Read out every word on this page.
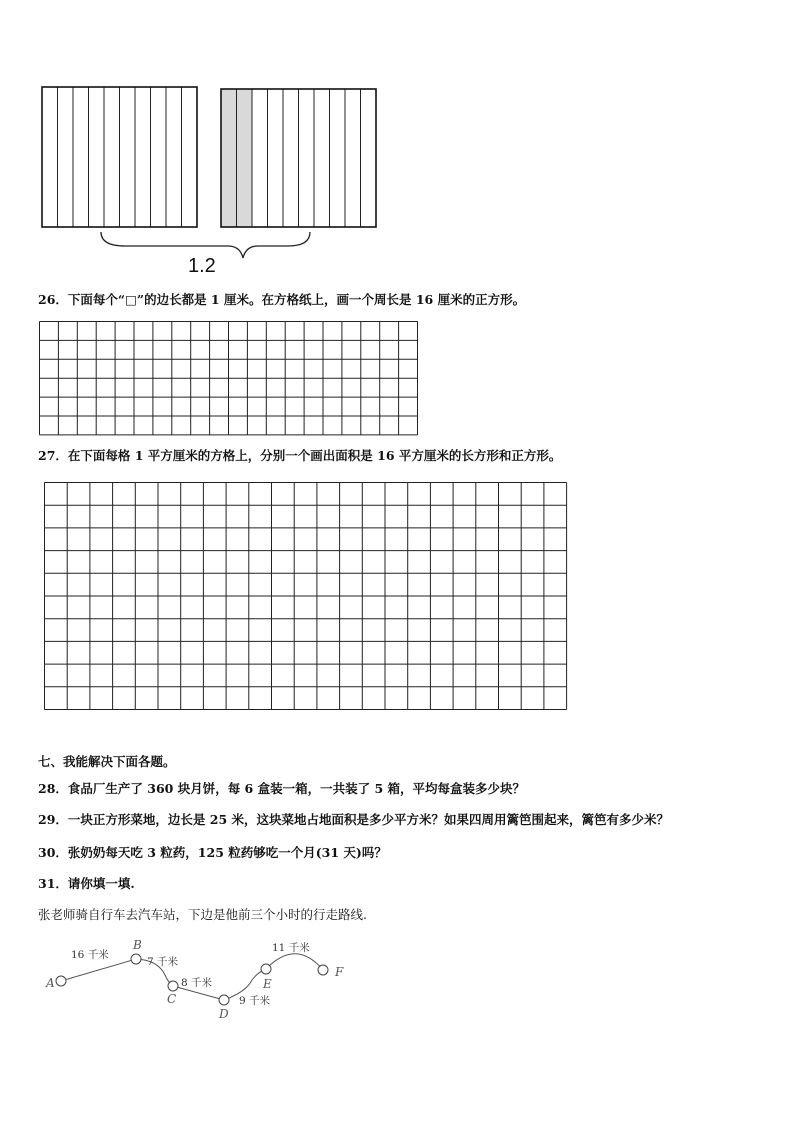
1.2
26．下面每个“□”的边长都是 1 厘米。在方格纸上，画一个周长是 16 厘米的正方形。
27．在下面每格 1 平方厘米的方格上，分别一个画出面积是 16 平方厘米的长方形和正方形。
七、我能解决下面各题。
28．食品厂生产了 360 块月饼，每 6 盒装一箱，一共装了 5 箱，平均每盒装多少块？
29．一块正方形菜地，边长是 25 米，这块菜地占地面积是多少平方米？如果四周用篱笆围起来，篱笆有多少米？
30．张奶奶每天吃 3 粒药，125 粒药够吃一个月(31 天)吗？
31．请你填一填.
张老师骑自行车去汽车站，下边是他前三个小时的行走路线.
A
B
C
D
E
F
16 千米
7 千米
8 千米
9 千米
11 千米
